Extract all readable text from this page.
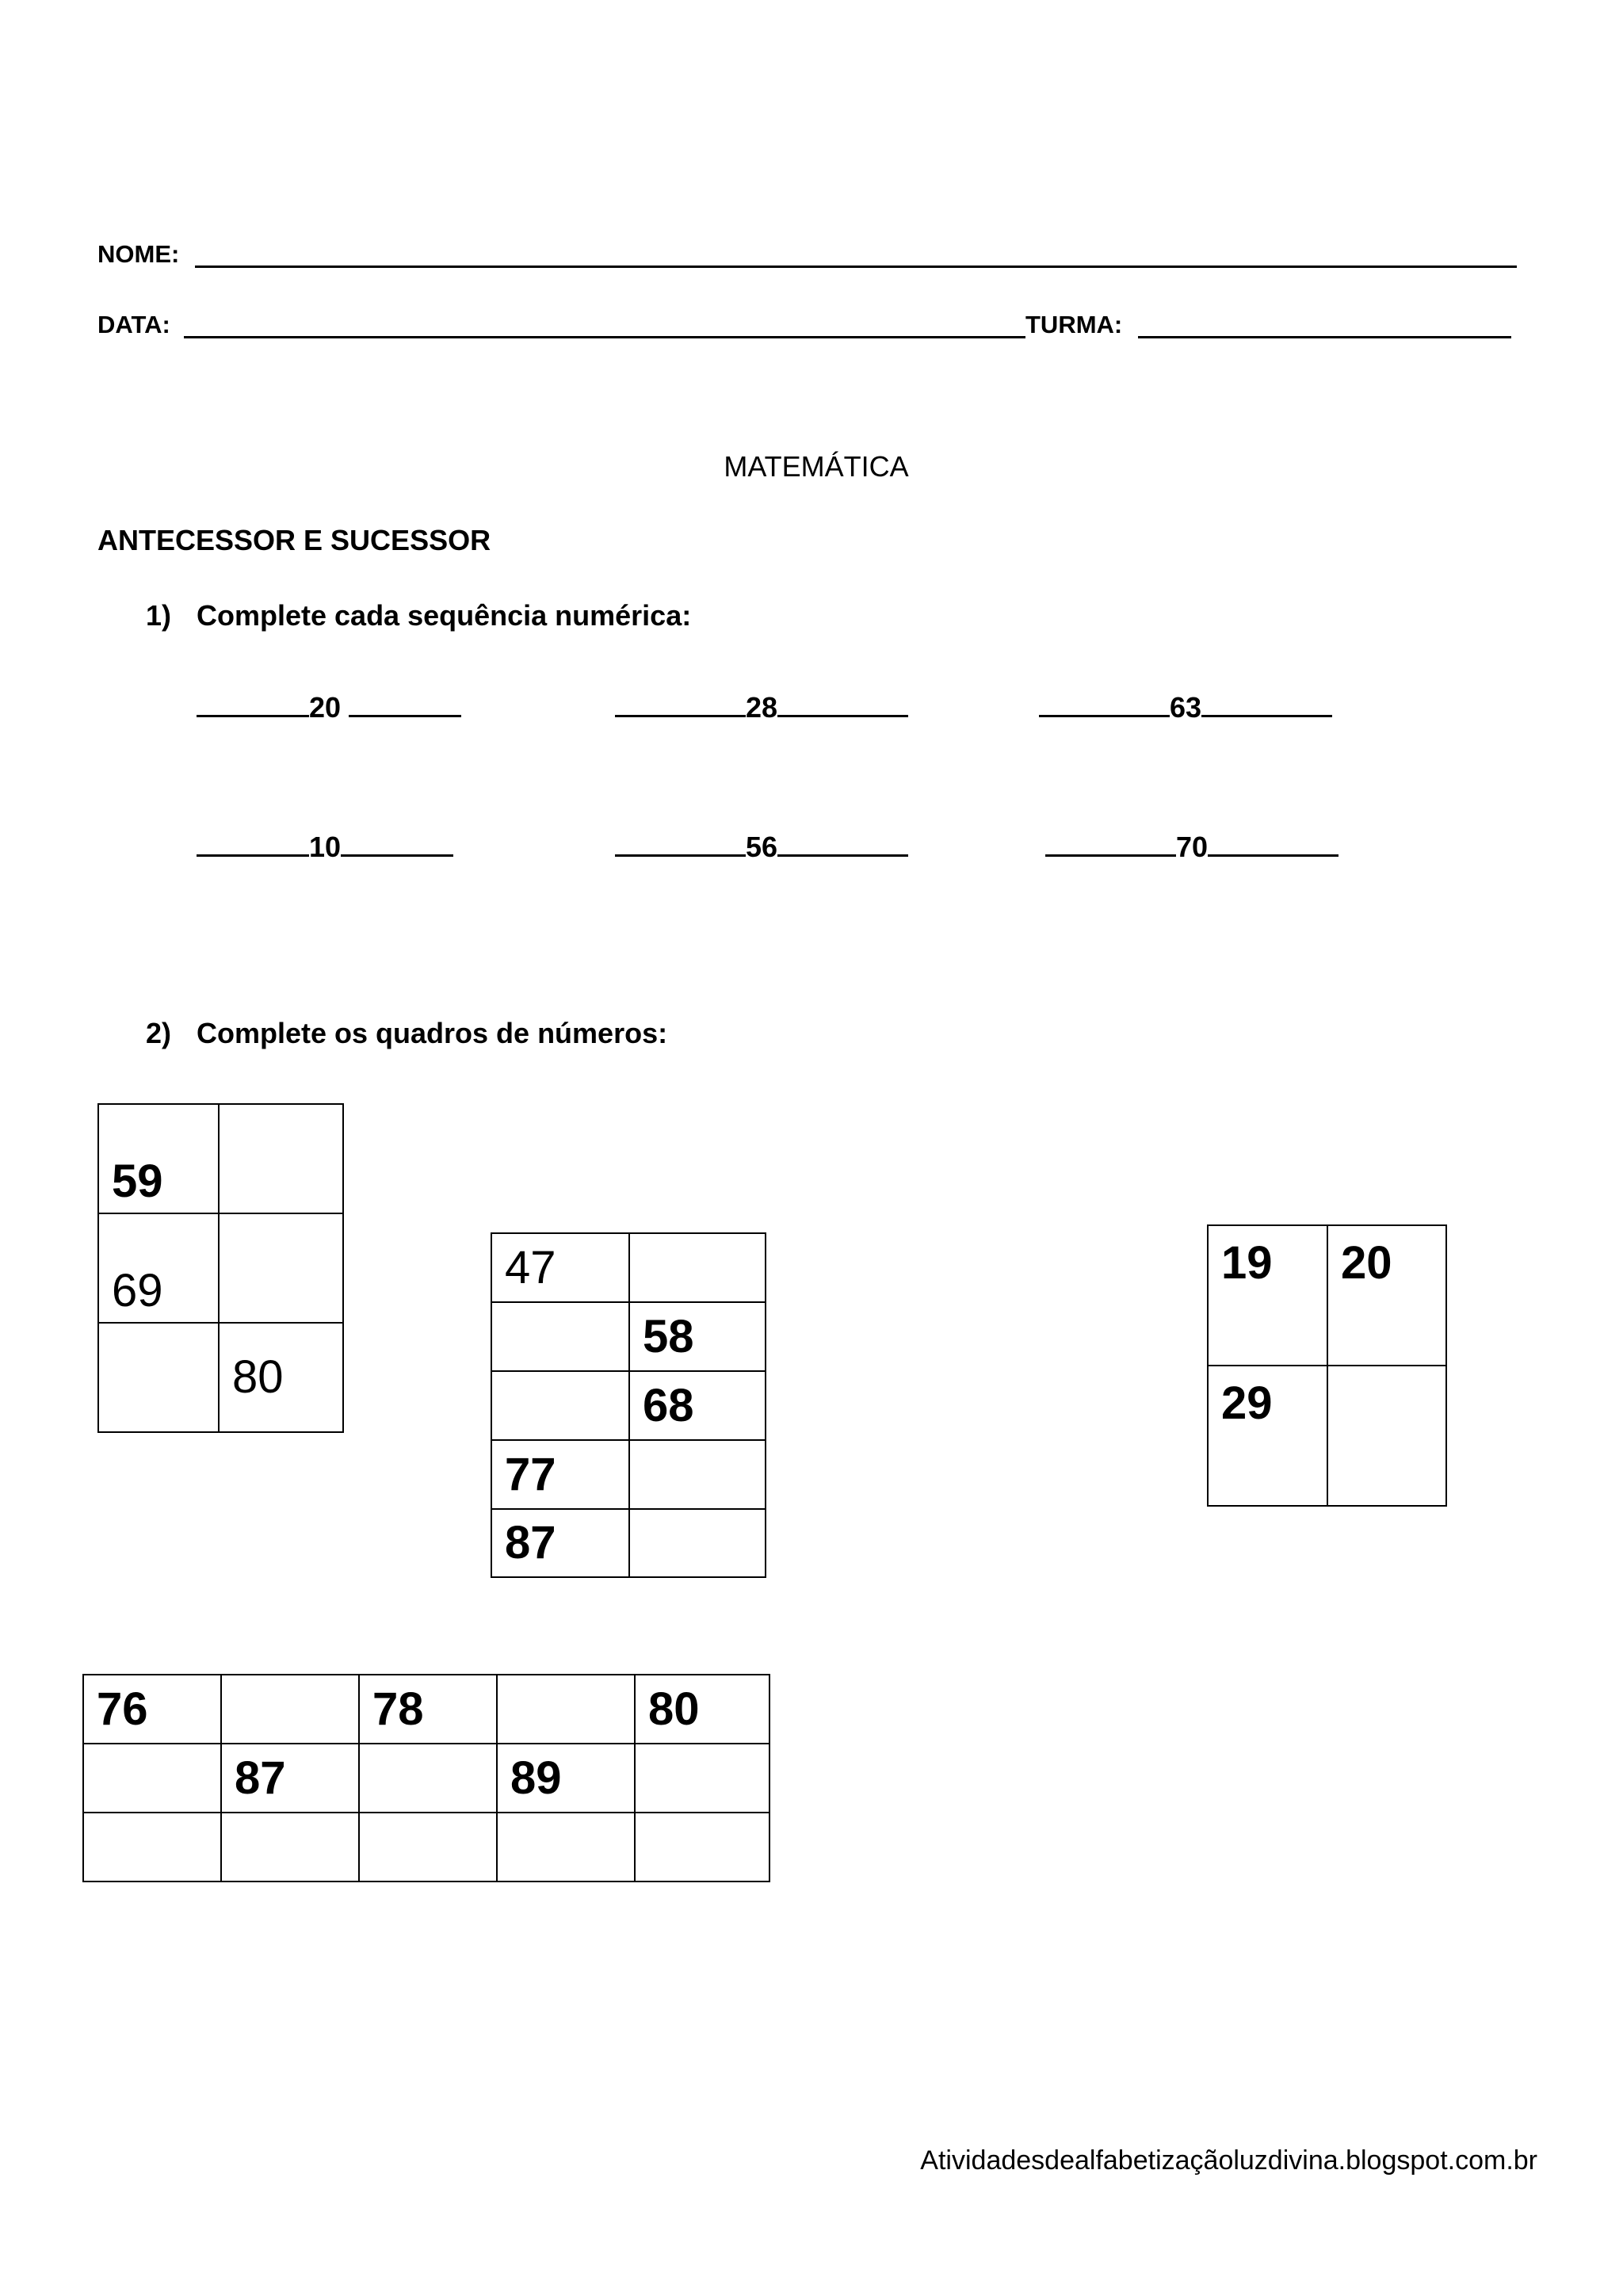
NOME:
DATA:	TURMA:
MATEMÁTICA
ANTECESSOR E SUCESSOR
1) Complete cada sequência numérica:
20	28	63
10	56	70
2) Complete os quadros de números:
59	

69	

	80
47	

	58

	68

77	

87	

19	20

29	

76		78		80

	87		89	

Atividadesdealfabetizaçãoluzdivina.blogspot.com.br
